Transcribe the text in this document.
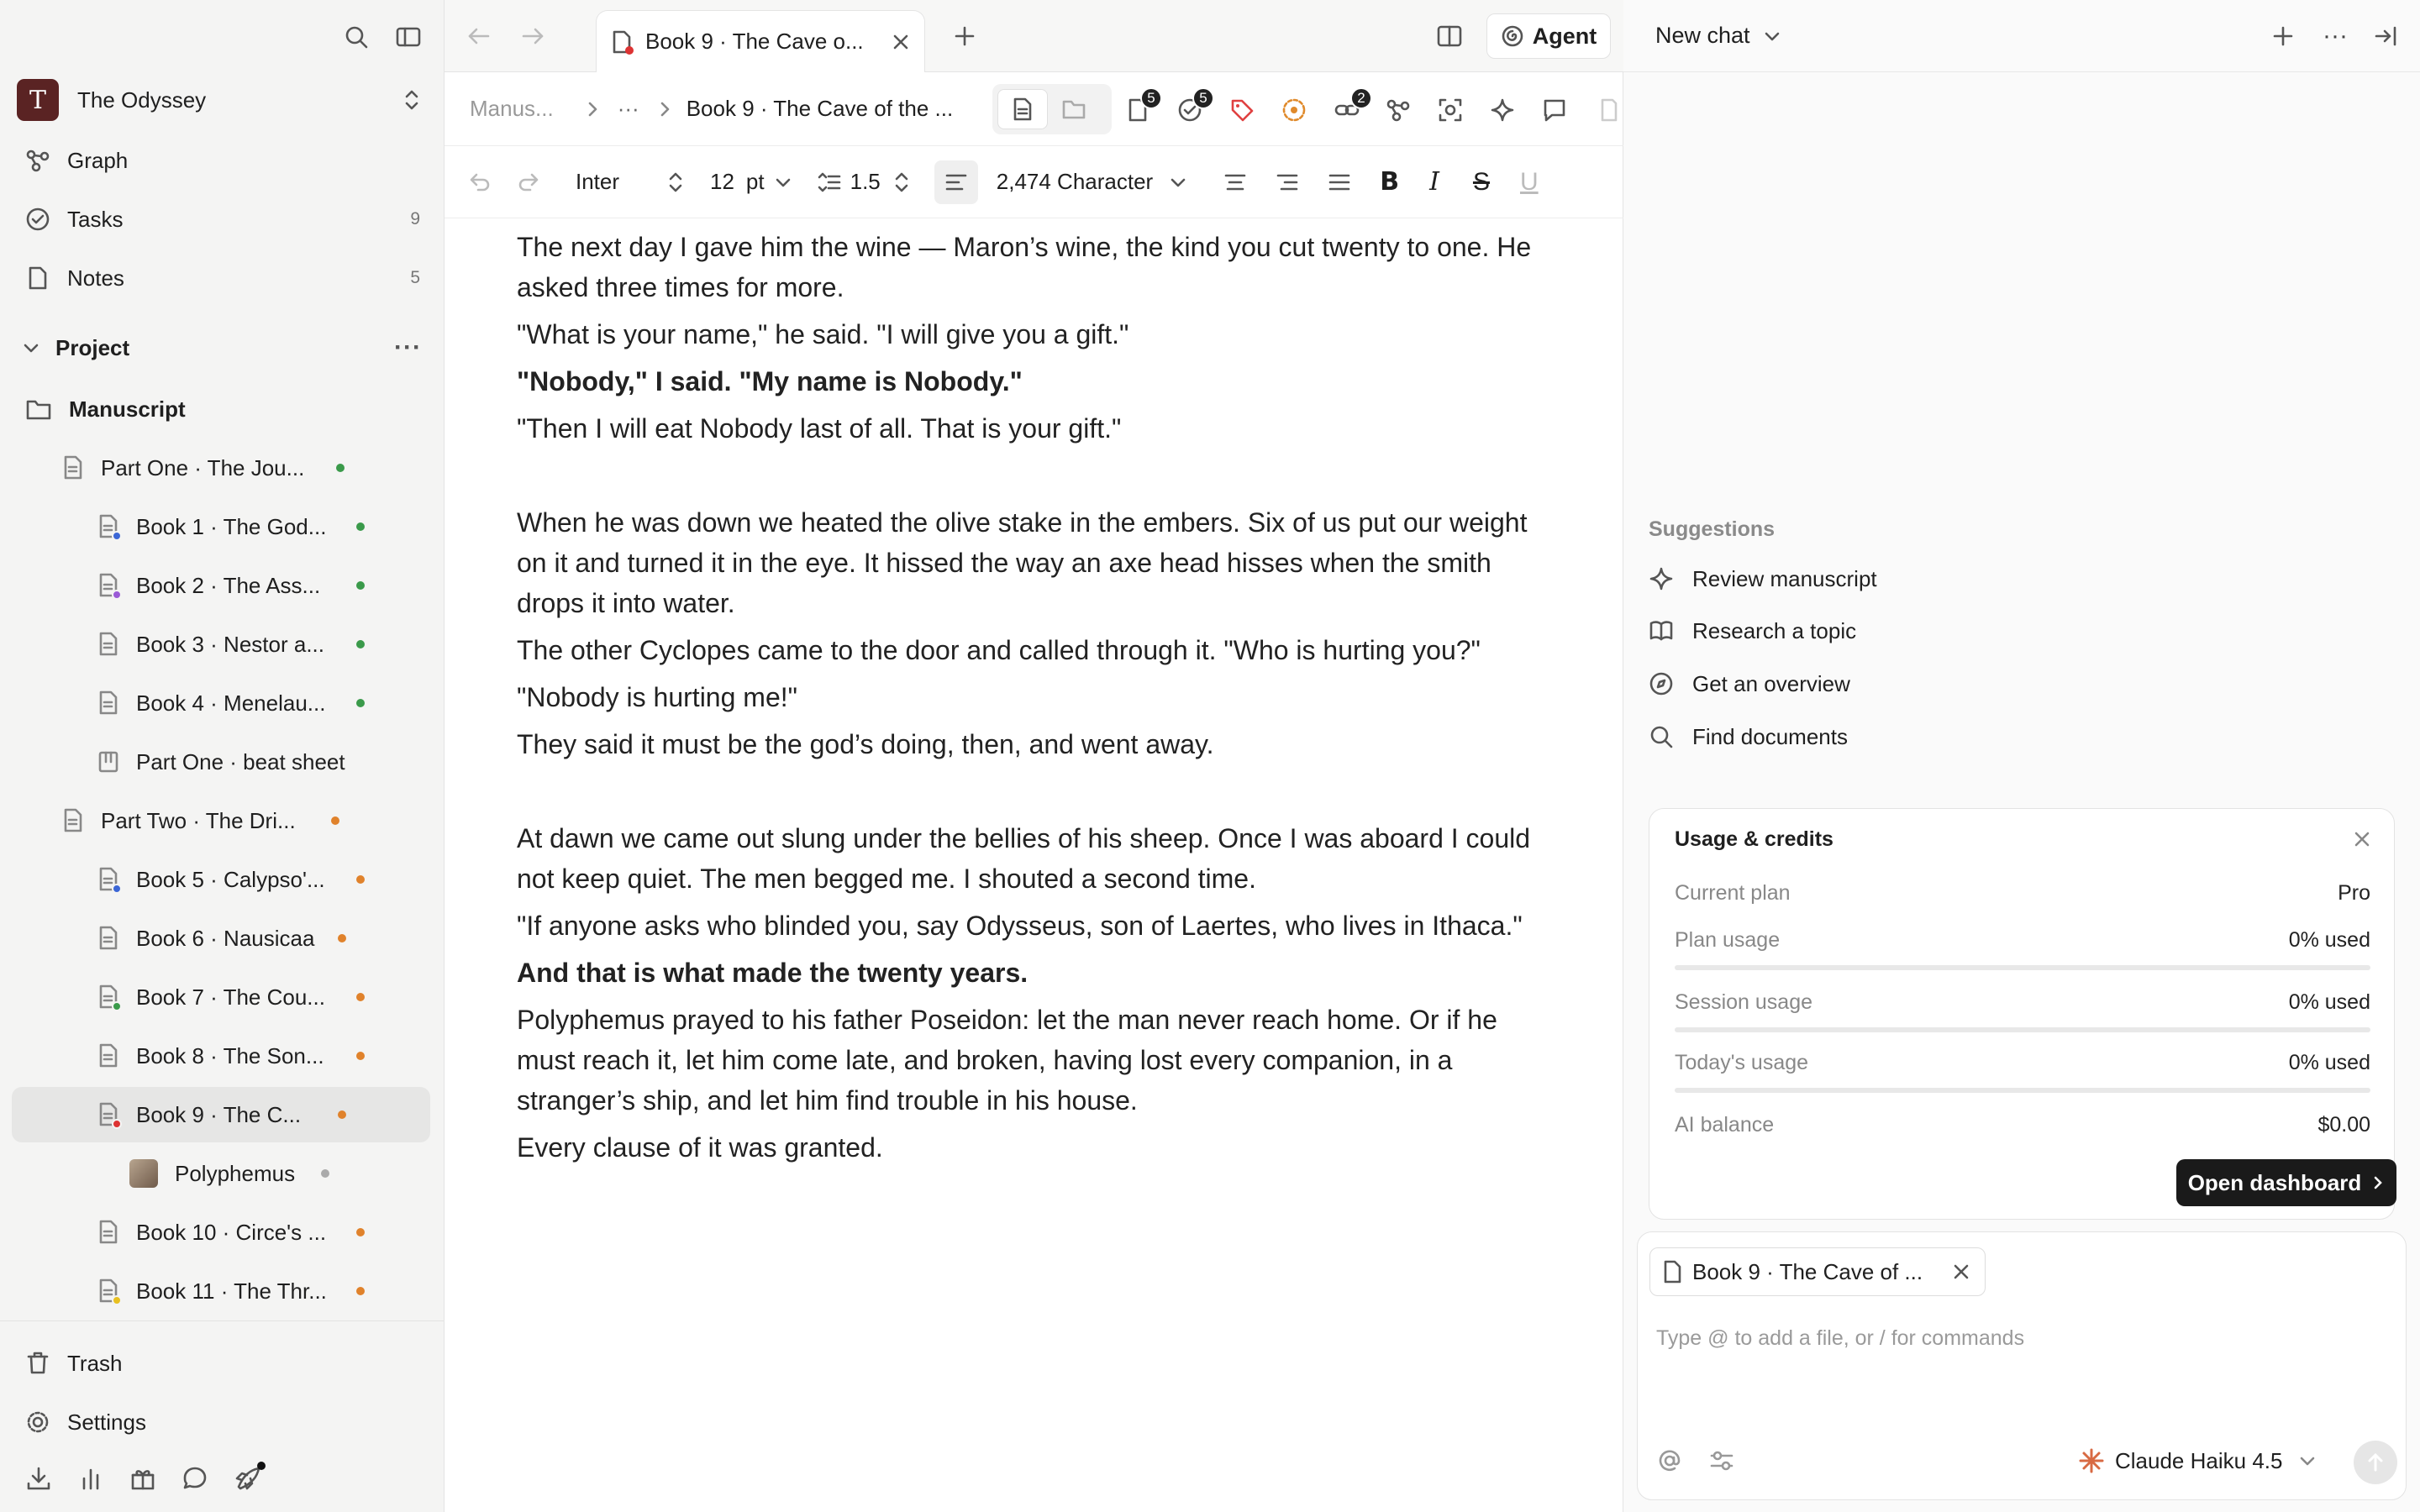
T	The Odyssey
Graph
Tasks	9
Notes	5
Project	···
Manuscript
Part One · The Jou...
Book 1 · The God...
Book 2 · The Ass...
Book 3 · Nestor a...
Book 4 · Menelau...
Part One · beat sheet
Part Two · The Dri...
Book 5 · Calypso'...
Book 6 · Nausicaa
Book 7 · The Cou...
Book 8 · The Son...
Book 9 · The C...
Polyphemus
Book 10 · Circe's ...
Book 11 · The Thr...
Trash
Settings
Book 9 · The Cave o...	Agent
Manus...	··· Book 9 · The Cave of the ...	5	5	2
Inter	12 pt	1.5	2,474 Character	B I S U

The next day I gave him the wine — Maron’s wine, the kind you cut twenty to one. He asked three times for more.

"What is your name," he said. "I will give you a gift."

"Nobody," I said. "My name is Nobody."

"Then I will eat Nobody last of all. That is your gift."

When he was down we heated the olive stake in the embers. Six of us put our weight on it and turned it in the eye. It hissed the way an axe head hisses when the smith drops it into water.

The other Cyclopes came to the door and called through it. "Who is hurting you?"

"Nobody is hurting me!"

They said it must be the god’s doing, then, and went away.

At dawn we came out slung under the bellies of his sheep. Once I was aboard I could not keep quiet. The men begged me. I shouted a second time.

"If anyone asks who blinded you, say Odysseus, son of Laertes, who lives in Ithaca."

And that is what made the twenty years.

Polyphemus prayed to his father Poseidon: let the man never reach home. Or if he must reach it, let him come late, and broken, having lost every companion, in a stranger’s ship, and let him find trouble in his house.

Every clause of it was granted.

New chat	···
Suggestions
Review manuscript
Research a topic
Get an overview
Find documents
Usage & credits
Current plan	Pro
Plan usage	0% used
Session usage	0% used
Today's usage	0% used
AI balance	$0.00
Open dashboard
Book 9 · The Cave of ...
Type @ to add a file, or / for commands
Claude Haiku 4.5
